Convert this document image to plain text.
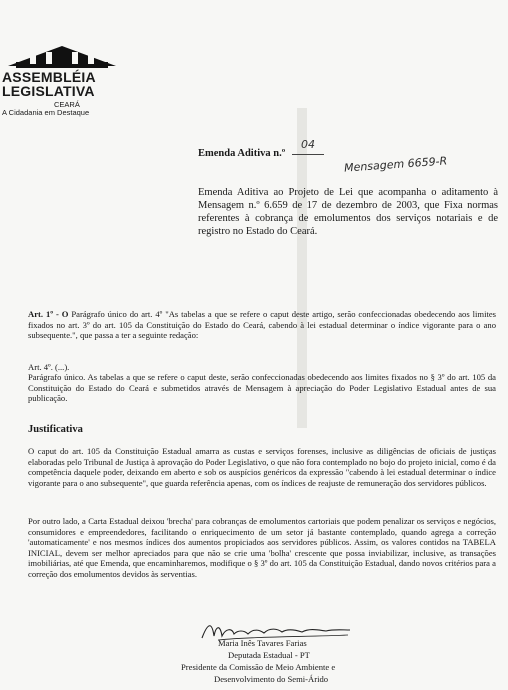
ASSEMBLÉIA
LEGISLATIVA
CEARÁ
A Cidadania em Destaque
Emenda Aditiva n.º
04
Mensagem 6659-R
Emenda Aditiva ao Projeto de Lei que acompanha o aditamento à Mensagem n.º 6.659 de 17 de dezembro de 2003, que Fixa normas referentes à cobrança de emolumentos dos serviços notariais e de registro no Estado do Ceará.
Art. 1º - O Parágrafo único do art. 4º "As tabelas a que se refere o caput deste artigo, serão confeccionadas obedecendo aos limites fixados no art. 3º do art. 105 da Constituição do Estado do Ceará, cabendo à lei estadual determinar o índice vigorante para o ano subsequente.", que passa a ter a seguinte redação:
Art. 4º. (...).
Parágrafo único. As tabelas a que se refere o caput deste, serão confeccionadas obedecendo aos limites fixados no § 3º do art. 105 da Constituição do Estado do Ceará e submetidos através de Mensagem à apreciação do Poder Legislativo Estadual antes de sua publicação.
Justificativa
O caput do art. 105 da Constituição Estadual amarra as custas e serviços forenses, inclusive as diligências de oficiais de justiças elaboradas pelo Tribunal de Justiça à aprovação do Poder Legislativo, o que não fora contemplado no bojo do projeto inicial, como é da competência daquele poder, deixando em aberto e sob os auspícios genéricos da expressão "cabendo à lei estadual determinar o índice vigorante para o ano subsequente", que guarda referência apenas, com os índices de reajuste de remuneração dos servidores públicos.
Por outro lado, a Carta Estadual deixou 'brecha' para cobranças de emolumentos cartoriais que podem penalizar os serviços e negócios, consumidores e empreendedores, facilitando o enriquecimento de um setor já bastante contemplado, quando agrega a correção 'automaticamente' e nos mesmos índices dos aumentos propiciados aos servidores públicos. Assim, os valores contidos na TABELA INICIAL, devem ser melhor apreciados para que não se crie uma 'bolha' crescente que possa inviabilizar, inclusive, as transações imobiliárias, até que Emenda, que encaminharemos, modifique o § 3º do art. 105 da Constituição Estadual, dando novos critérios para a correção dos emolumentos devidos às serventias.
Maria Inês Tavares Farias
Deputada Estadual - PT
Presidente da Comissão de Meio Ambiente e
Desenvolvimento do Semi-Árido
